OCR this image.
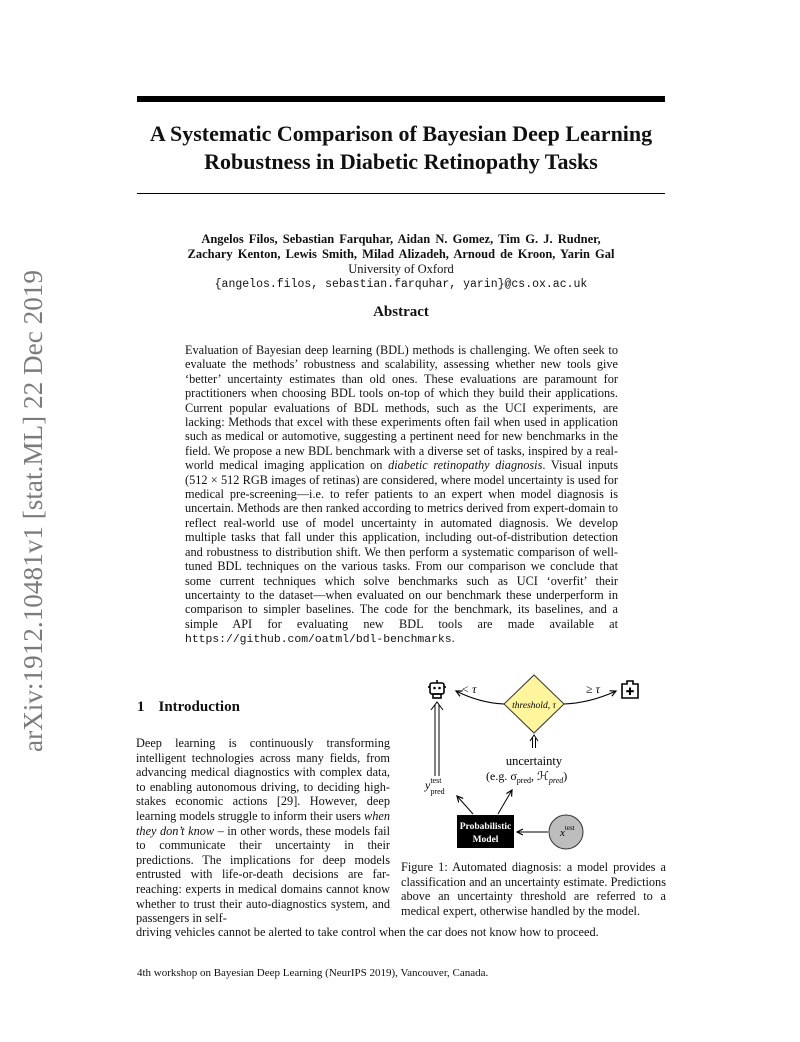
arXiv:1912.10481v1 [stat.ML] 22 Dec 2019
A Systematic Comparison of Bayesian Deep Learning Robustness in Diabetic Retinopathy Tasks
Angelos Filos, Sebastian Farquhar, Aidan N. Gomez, Tim G. J. Rudner,
Zachary Kenton, Lewis Smith, Milad Alizadeh, Arnoud de Kroon, Yarin Gal
University of Oxford
{angelos.filos, sebastian.farquhar, yarin}@cs.ox.ac.uk
Abstract

Evaluation of Bayesian deep learning (BDL) methods is challenging. We often seek to evaluate the methods’ robustness and scalability, assessing whether new tools give ‘better’ uncertainty estimates than old ones. These evaluations are paramount for practitioners when choosing BDL tools on-top of which they build their applications. Current popular evaluations of BDL methods, such as the UCI experiments, are lacking: Methods that excel with these experiments often fail when used in application such as medical or automotive, suggesting a pertinent need for new benchmarks in the field. We propose a new BDL benchmark with a diverse set of tasks, inspired by a real-world medical imaging application on diabetic retinopathy diagnosis. Visual inputs (512 × 512 RGB images of retinas) are considered, where model uncertainty is used for medical pre-screening—i.e. to refer patients to an expert when model diagnosis is uncertain. Methods are then ranked according to metrics derived from expert-domain to reflect real-world use of model uncertainty in automated diagnosis. We develop multiple tasks that fall under this application, including out-of-distribution detection and robustness to distribution shift. We then perform a systematic comparison of well-tuned BDL techniques on the various tasks. From our comparison we conclude that some current techniques which solve benchmarks such as UCI ‘overfit’ their uncertainty to the dataset—when evaluated on our benchmark these underperform in comparison to simpler baselines. The code for the benchmark, its baselines, and a simple API for evaluating new BDL tools are made available at https://github.com/oatml/bdl-benchmarks.

1 Introduction

Deep learning is continuously transforming intelligent technologies across many fields, from advancing medical diagnostics with complex data, to enabling autonomous driving, to deciding high-stakes economic actions [29]. However, deep learning models struggle to inform their users when they don’t know – in other words, these models fail to communicate their uncertainty in their predictions. The implications for deep models entrusted with life-or-death decisions are far-reaching: experts in medical domains cannot know whether to trust their auto-diagnostics system, and passengers in self-

driving vehicles cannot be alerted to take control when the car does not know how to proceed.

threshold, τ
< τ	≥ τ
$y^{test}$ pred
uncertainty
(e.g. $\sigma_{pred}$, ℋ$_{pred}$)
Probabilistic
Model
$x^{test}$

Figure 1: Automated diagnosis: a model provides a classification and an uncertainty estimate. Predictions above an uncertainty threshold are referred to a medical expert, otherwise handled by the model.

4th workshop on Bayesian Deep Learning (NeurIPS 2019), Vancouver, Canada.
